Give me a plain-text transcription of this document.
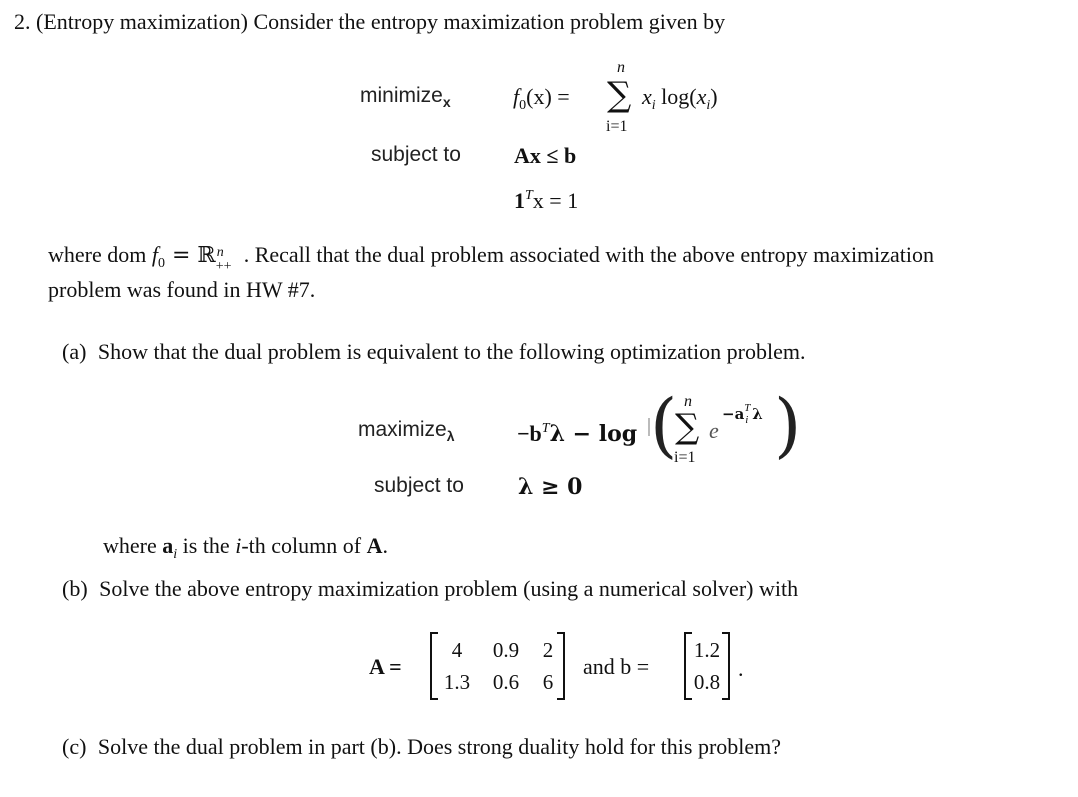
2. (Entropy maximization) Consider the entropy maximization problem given by
minimize$_x$	$f_0(x)$ =
n
∑
i=1
$x_i$ $\log(x_i)$
subject to Ax ≤ b
$1^Tx = 1$
where dom $f_0$ = ℝ n
++ . Recall that the dual problem associated with the above entropy maximization
problem was found in HW #7.
(a) Show that the dual problem is equivalent to the following optimization problem.
maximize$_\lambda$	$-b^T\lambda - \log$ ( n
∑
i=1
e
−a T
i λ )
subject to λ ≥ 0
where $a_i$ is the i-th column of A.
(b) Solve the above entropy maximization problem (using a numerical solver) with
A =
4	0.9	2
1.3	0.6	6
and b =
1.2
0.8
.
(c) Solve the dual problem in part (b). Does strong duality hold for this problem?
